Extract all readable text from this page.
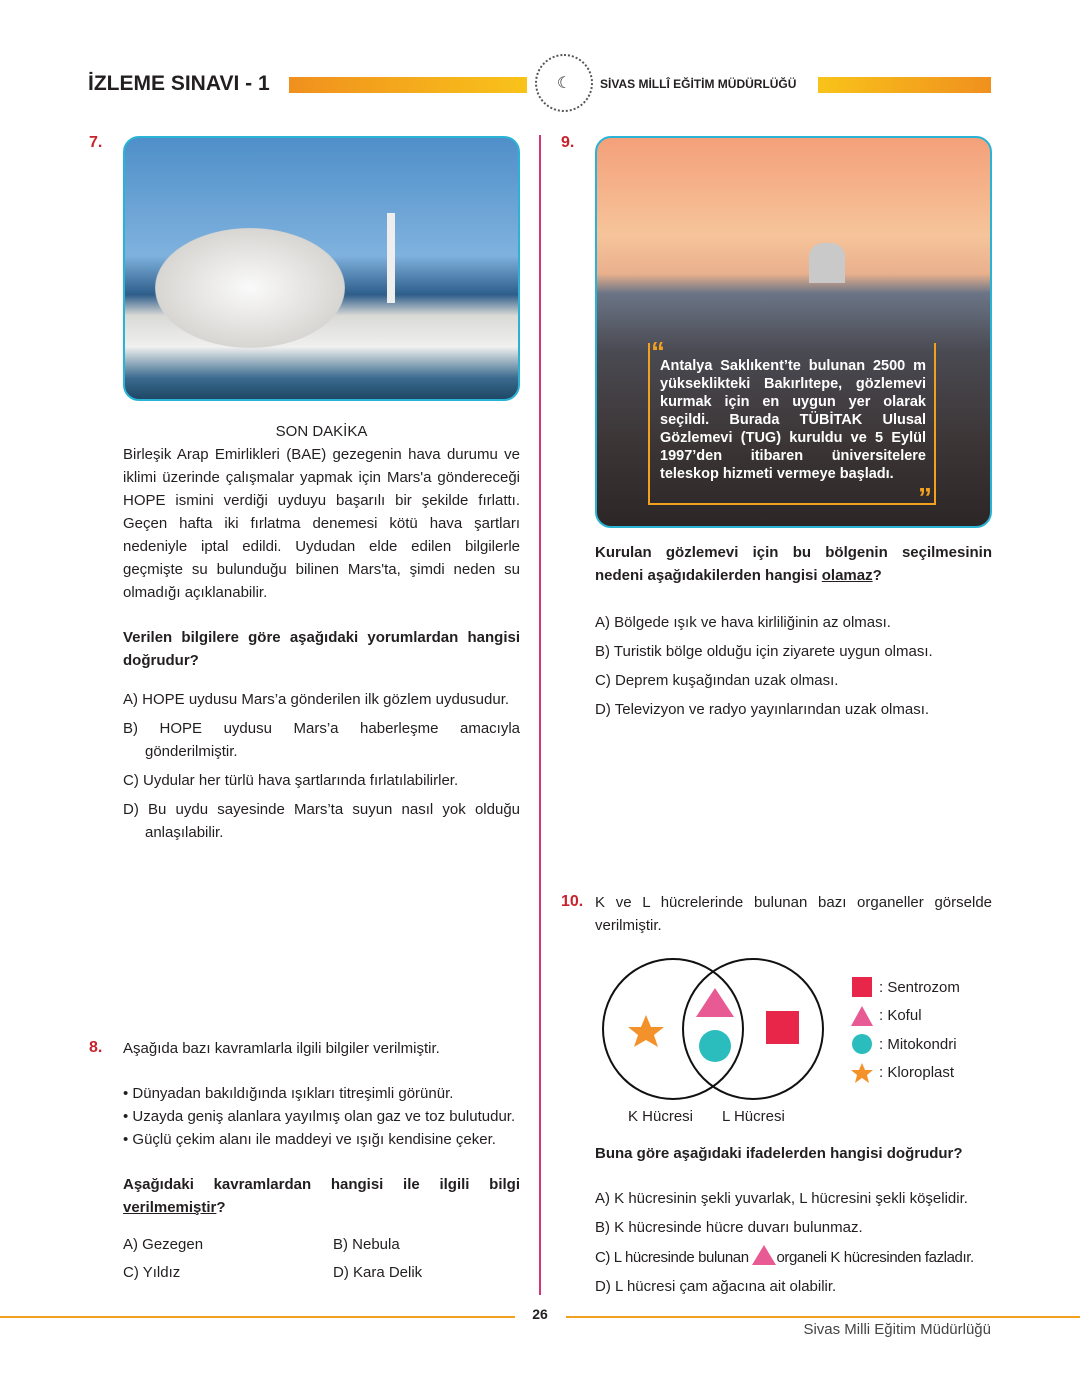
İZLEME SINAVI - 1	☾	SİVAS MİLLÎ EĞİTİM MÜDÜRLÜĞÜ
7.
SON DAKİKA
Birleşik Arap Emirlikleri (BAE) gezegenin hava durumu ve iklimi üzerinde çalışmalar yapmak için Mars'a göndereceği HOPE ismini verdiği uyduyu başarılı bir şekilde fırlattı. Geçen hafta iki fırlatma denemesi kötü hava şartları nedeniyle iptal edildi. Uydudan elde edilen bilgilerle geçmişte su bulunduğu bilinen Mars'ta, şimdi neden su olmadığı açıklanabilir.
Verilen bilgilere göre aşağıdaki yorumlardan hangisi doğrudur?
A) HOPE uydusu Mars’a gönderilen ilk gözlem uydusudur.
B) HOPE uydusu Mars’a haberleşme amacıyla gönderilmiştir.
C) Uydular her türlü hava şartlarında fırlatılabilirler.
D) Bu uydu sayesinde Mars’ta suyun nasıl yok olduğu anlaşılabilir.
8. Aşağıda bazı kavramlarla ilgili bilgiler verilmiştir.
• Dünyadan bakıldığında ışıkları titreşimli görünür.
• Uzayda geniş alanlara yayılmış olan gaz ve toz bulutudur.
• Güçlü çekim alanı ile maddeyi ve ışığı kendisine çeker.
Aşağıdaki kavramlardan hangisi ile ilgili bilgi verilmemiştir?
A) Gezegen	B) Nebula
C) Yıldız	D) Kara Delik
9.
“
Antalya Saklıkent’te bulunan 2500 m yükseklikteki Bakırlıtepe, gözlemevi kurmak için en uygun yer olarak seçildi. Burada TÜBİTAK Ulusal Gözlemevi (TUG) kuruldu ve 5 Eylül 1997’den itibaren üniversitelere teleskop hizmeti vermeye başladı.
”
Kurulan gözlemevi için bu bölgenin seçilmesinin nedeni aşağıdakilerden hangisi olamaz?
A) Bölgede ışık ve hava kirliliğinin az olması.
B) Turistik bölge olduğu için ziyarete uygun olması.
C) Deprem kuşağından uzak olması.
D) Televizyon ve radyo yayınlarından uzak olması.
10. K ve L hücrelerinde bulunan bazı organeller görselde verilmiştir.
K Hücresi L Hücresi
: Sentrozom
: Koful
: Mitokondri
: Kloroplast
Buna göre aşağıdaki ifadelerden hangisi doğrudur?
A) K hücresinin şekli yuvarlak, L hücresini şekli köşelidir.
B) K hücresinde hücre duvarı bulunmaz.
C) L hücresinde bulunan organeli K hücresinden fazladır.
D) L hücresi çam ağacına ait olabilir.
26
Sivas Milli Eğitim Müdürlüğü
